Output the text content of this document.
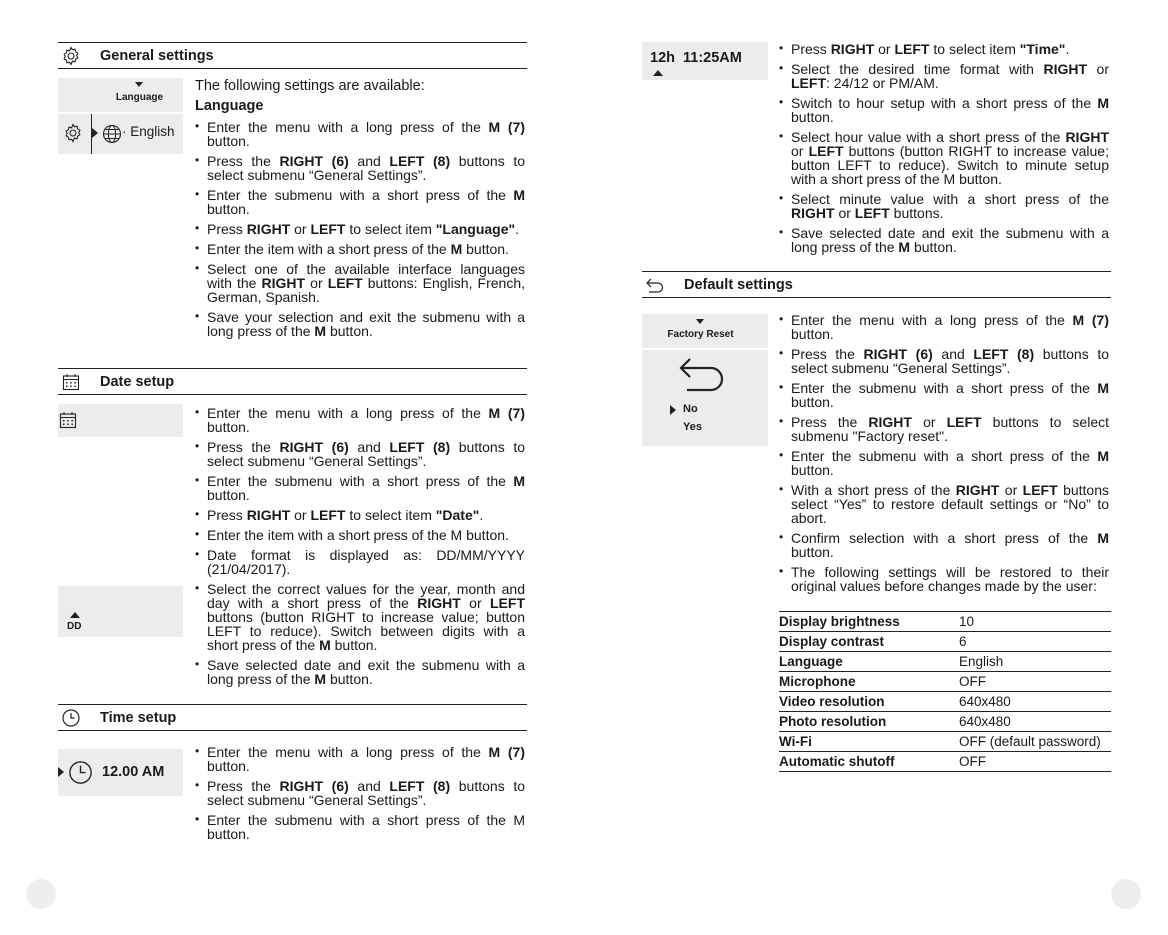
General settings
Language
· English
The following settings are available:
Language
• Enter the menu with a long press of the M (7) button.
• Press the RIGHT (6) and LEFT (8) buttons to select submenu “General Settings”.
• Enter the submenu with a short press of the M button.
• Press RIGHT or LEFT to select item "Language".
• Enter the item with a short press of the M button.
• Select one of the available interface languages with the RIGHT or LEFT buttons: English, French, German, Spanish.
• Save your selection and exit the submenu with a long press of the M button.
Date setup
DD
• Enter the menu with a long press of the M (7) button.
• Press the RIGHT (6) and LEFT (8) buttons to select submenu “General Settings”.
• Enter the submenu with a short press of the M button.
• Press RIGHT or LEFT to select item "Date".
• Enter the item with a short press of the M button.
• Date format is displayed as: DD/MM/YYYY (21/04/2017).
• Select the correct values for the year, month and day with a short press of the RIGHT or LEFT buttons (button RIGHT to increase value; button LEFT to reduce). Switch between digits with a short press of the M button.
• Save selected date and exit the submenu with a long press of the M button.
Time setup
12.00 AM
• Enter the menu with a long press of the M (7) button.
• Press the RIGHT (6) and LEFT (8) buttons to select submenu “General Settings”.
• Enter the submenu with a short press of the M button.
12h 11:25AM
• Press RIGHT or LEFT to select item "Time".
• Select the desired time format with RIGHT or LEFT: 24/12 or PM/AM.
• Switch to hour setup with a short press of the M button.
• Select hour value with a short press of the RIGHT or LEFT buttons (button RIGHT to increase value; button LEFT to reduce). Switch to minute setup with a short press of the M button.
• Select minute value with a short press of the RIGHT or LEFT buttons.
• Save selected date and exit the submenu with a long press of the M button.
Default settings
Factory Reset
No
Yes
• Enter the menu with a long press of the M (7) button.
• Press the RIGHT (6) and LEFT (8) buttons to select submenu “General Settings”.
• Enter the submenu with a short press of the M button.
• Press the RIGHT or LEFT buttons to select submenu "Factory reset".
• Enter the submenu with a short press of the M button.
• With a short press of the RIGHT or LEFT buttons select “Yes” to restore default settings or “No” to abort.
• Confirm selection with a short press of the M button.
• The following settings will be restored to their original values before changes made by the user:
Display brightness	10
Display contrast	6
Language	English
Microphone	OFF
Video resolution	640x480
Photo resolution	640x480
Wi-Fi	OFF (default password)
Automatic shutoff	OFF
